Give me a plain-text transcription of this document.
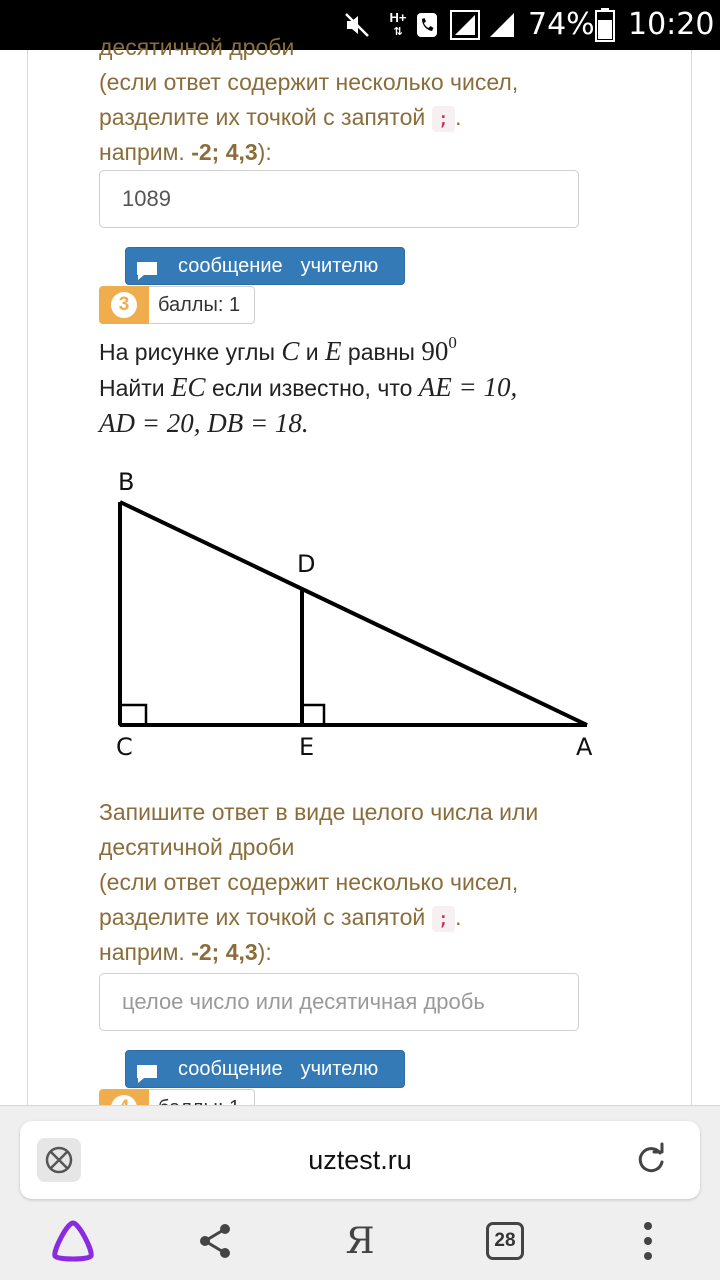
H+
⇅	74% 10:20
десятичной дроби
(если ответ содержит несколько чисел,
разделите их точкой с запятой ; .
наприм. -2; 4,3):
1089
сообщение учителю
3	баллы: 1
На рисунке углы C и E равны $90^0$
Найти EC если известно, что AE = 10,
AD = 20, DB = 18.
B
D
C	E	A
Запишите ответ в виде целого числа или
десятичной дроби
(если ответ содержит несколько чисел,
разделите их точкой с запятой ; .
наприм. -2; 4,3):
целое число или десятичная дробь
сообщение учителю
uztest.ru
Я	28
